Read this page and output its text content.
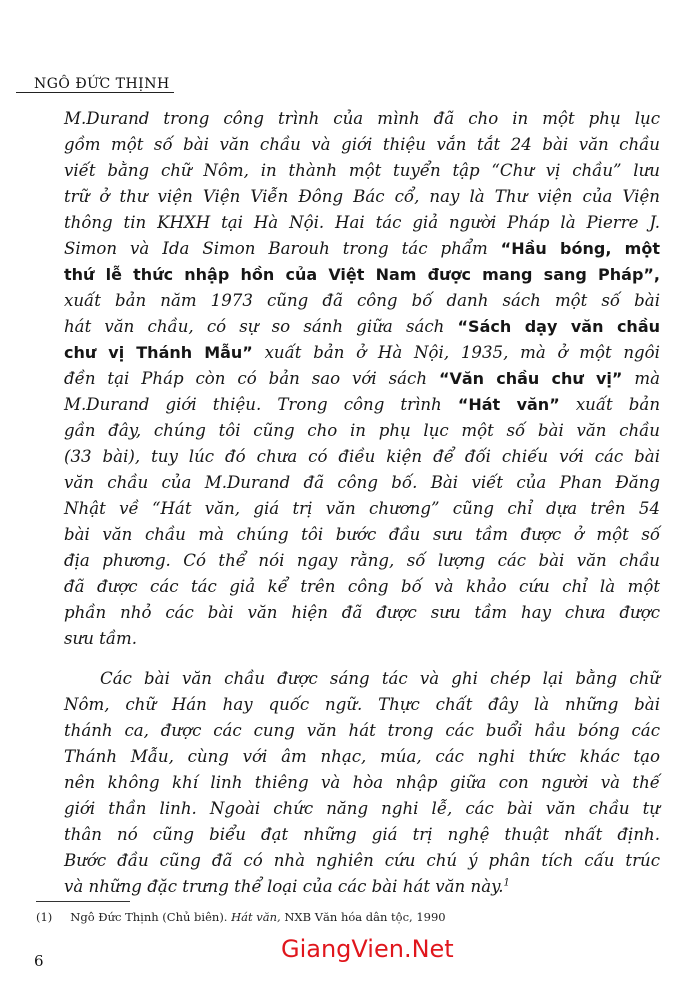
NGÔ ĐỨC THỊNH
M.Durand trong công trình của mình đã cho in một phụ lục
gồm một số bài văn chầu và giới thiệu vắn tắt 24 bài văn chầu
viết bằng chữ Nôm, in thành một tuyển tập “Chư vị chầu” lưu
trữ ở thư viện Viện Viễn Đông Bác cổ, nay là Thư viện của Viện
thông tin KHXH tại Hà Nội. Hai tác giả người Pháp là Pierre J.
Simon và Ida Simon Barouh trong tác phẩm “Hầu bóng, một
thứ lễ thức nhập hồn của Việt Nam được mang sang Pháp”,
xuất bản năm 1973 cũng đã công bố danh sách một số bài
hát văn chầu, có sự so sánh giữa sách “Sách dạy văn chầu
chư vị Thánh Mẫu” xuất bản ở Hà Nội, 1935, mà ở một ngôi
đền tại Pháp còn có bản sao với sách “Văn chầu chư vị” mà
M.Durand giới thiệu. Trong công trình “Hát văn” xuất bản
gần đây, chúng tôi cũng cho in phụ lục một số bài văn chầu
(33 bài), tuy lúc đó chưa có điều kiện để đối chiếu với các bài
văn chầu của M.Durand đã công bố. Bài viết của Phan Đăng
Nhật về “Hát văn, giá trị văn chương” cũng chỉ dựa trên 54
bài văn chầu mà chúng tôi bước đầu sưu tầm được ở một số
địa phương. Có thể nói ngay rằng, số lượng các bài văn chầu
đã được các tác giả kể trên công bố và khảo cứu chỉ là một
phần nhỏ các bài văn hiện đã được sưu tầm hay chưa được
sưu tầm.
Các bài văn chầu được sáng tác và ghi chép lại bằng chữ
Nôm, chữ Hán hay quốc ngữ. Thực chất đây là những bài
thánh ca, được các cung văn hát trong các buổi hầu bóng các
Thánh Mẫu, cùng với âm nhạc, múa, các nghi thức khác tạo
nên không khí linh thiêng và hòa nhập giữa con người và thế
giới thần linh. Ngoài chức năng nghi lễ, các bài văn chầu tự
thân nó cũng biểu đạt những giá trị nghệ thuật nhất định.
Bước đầu cũng đã có nhà nghiên cứu chú ý phân tích cấu trúc
và những đặc trưng thể loại của các bài hát văn này.$^1$
(1) Ngô Đức Thịnh (Chủ biên). Hát văn, NXB Văn hóa dân tộc, 1990
6	GiangVien.Net
